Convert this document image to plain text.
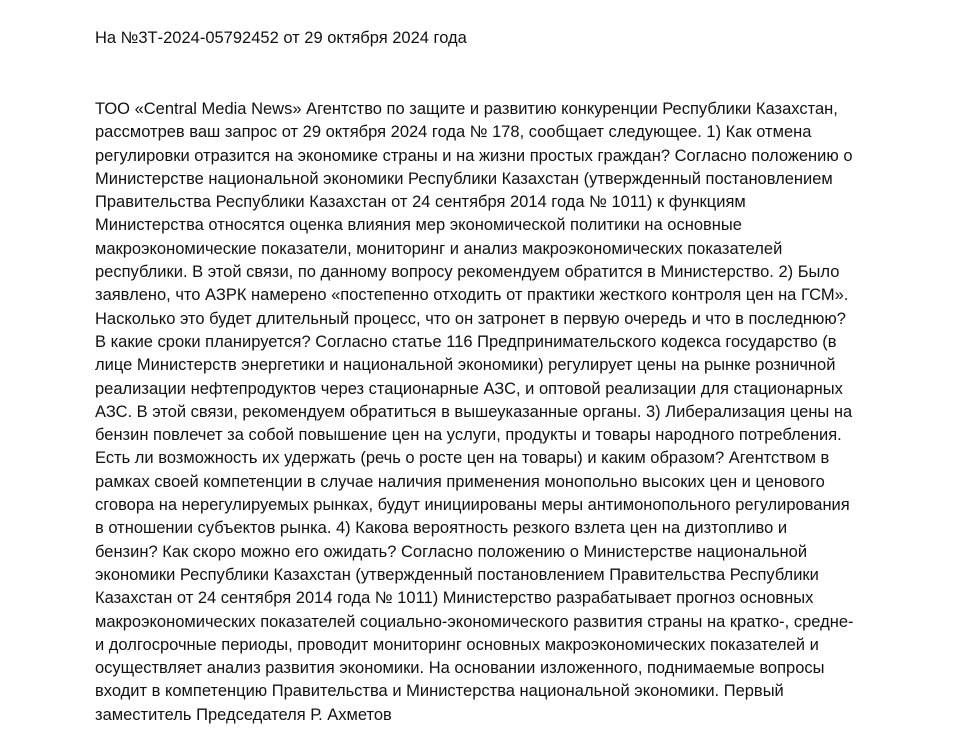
На №3Т-2024-05792452 от 29 октября 2024 года
ТОО «Central Media News» Агентство по защите и развитию конкуренции Республики Казахстан,
рассмотрев ваш запрос от 29 октября 2024 года № 178, сообщает следующее. 1) Как отмена
регулировки отразится на экономике страны и на жизни простых граждан? Согласно положению о
Министерстве национальной экономики Республики Казахстан (утвержденный постановлением
Правительства Республики Казахстан от 24 сентября 2014 года № 1011) к функциям
Министерства относятся оценка влияния мер экономической политики на основные
макроэкономические показатели, мониторинг и анализ макроэкономических показателей
республики. В этой связи, по данному вопросу рекомендуем обратится в Министерство. 2) Было
заявлено, что АЗРК намерено «постепенно отходить от практики жесткого контроля цен на ГСМ».
Насколько это будет длительный процесс, что он затронет в первую очередь и что в последнюю?
В какие сроки планируется? Согласно статье 116 Предпринимательского кодекса государство (в
лице Министерств энергетики и национальной экономики) регулирует цены на рынке розничной
реализации нефтепродуктов через стационарные АЗС, и оптовой реализации для стационарных
АЗС. В этой связи, рекомендуем обратиться в вышеуказанные органы. 3) Либерализация цены на
бензин повлечет за собой повышение цен на услуги, продукты и товары народного потребления.
Есть ли возможность их удержать (речь о росте цен на товары) и каким образом? Агентством в
рамках своей компетенции в случае наличия применения монопольно высоких цен и ценового
сговора на нерегулируемых рынках, будут инициированы меры антимонопольного регулирования
в отношении субъектов рынка. 4) Какова вероятность резкого взлета цен на дизтопливо и
бензин? Как скоро можно его ожидать? Согласно положению о Министерстве национальной
экономики Республики Казахстан (утвержденный постановлением Правительства Республики
Казахстан от 24 сентября 2014 года № 1011) Министерство разрабатывает прогноз основных
макроэкономических показателей социально-экономического развития страны на кратко-, средне-
и долгосрочные периоды, проводит мониторинг основных макроэкономических показателей и
осуществляет анализ развития экономики. На основании изложенного, поднимаемые вопросы
входит в компетенцию Правительства и Министерства национальной экономики. Первый
заместитель Председателя Р. Ахметов
